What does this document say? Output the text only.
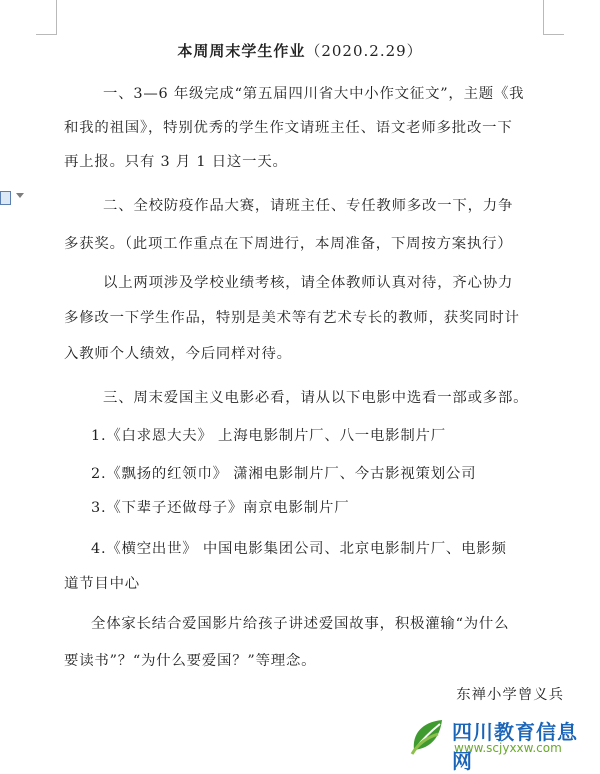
本周周末学生作业（2020.2.29）
一、3—6 年级完成“第五届四川省大中小作文征文”，主题《我
和我的祖国》，特别优秀的学生作文请班主任、语文老师多批改一下
再上报。只有 3 月 1 日这一天。
二、全校防疫作品大赛，请班主任、专任教师多改一下，力争
多获奖。（此项工作重点在下周进行，本周准备，下周按方案执行）
以上两项涉及学校业绩考核，请全体教师认真对待，齐心协力
多修改一下学生作品，特别是美术等有艺术专长的教师，获奖同时计
入教师个人绩效，今后同样对待。
三、周末爱国主义电影必看，请从以下电影中选看一部或多部。
1.《白求恩大夫》 上海电影制片厂、八一电影制片厂
2.《飘扬的红领巾》 潇湘电影制片厂、今古影视策划公司
3.《下辈子还做母子》南京电影制片厂
4.《横空出世》 中国电影集团公司、北京电影制片厂、电影频
道节目中心
全体家长结合爱国影片给孩子讲述爱国故事，积极灌输“为什么
要读书”？“为什么要爱国？”等理念。
东禅小学曾义兵
四川教育信息网
www.scjyxxw.com
